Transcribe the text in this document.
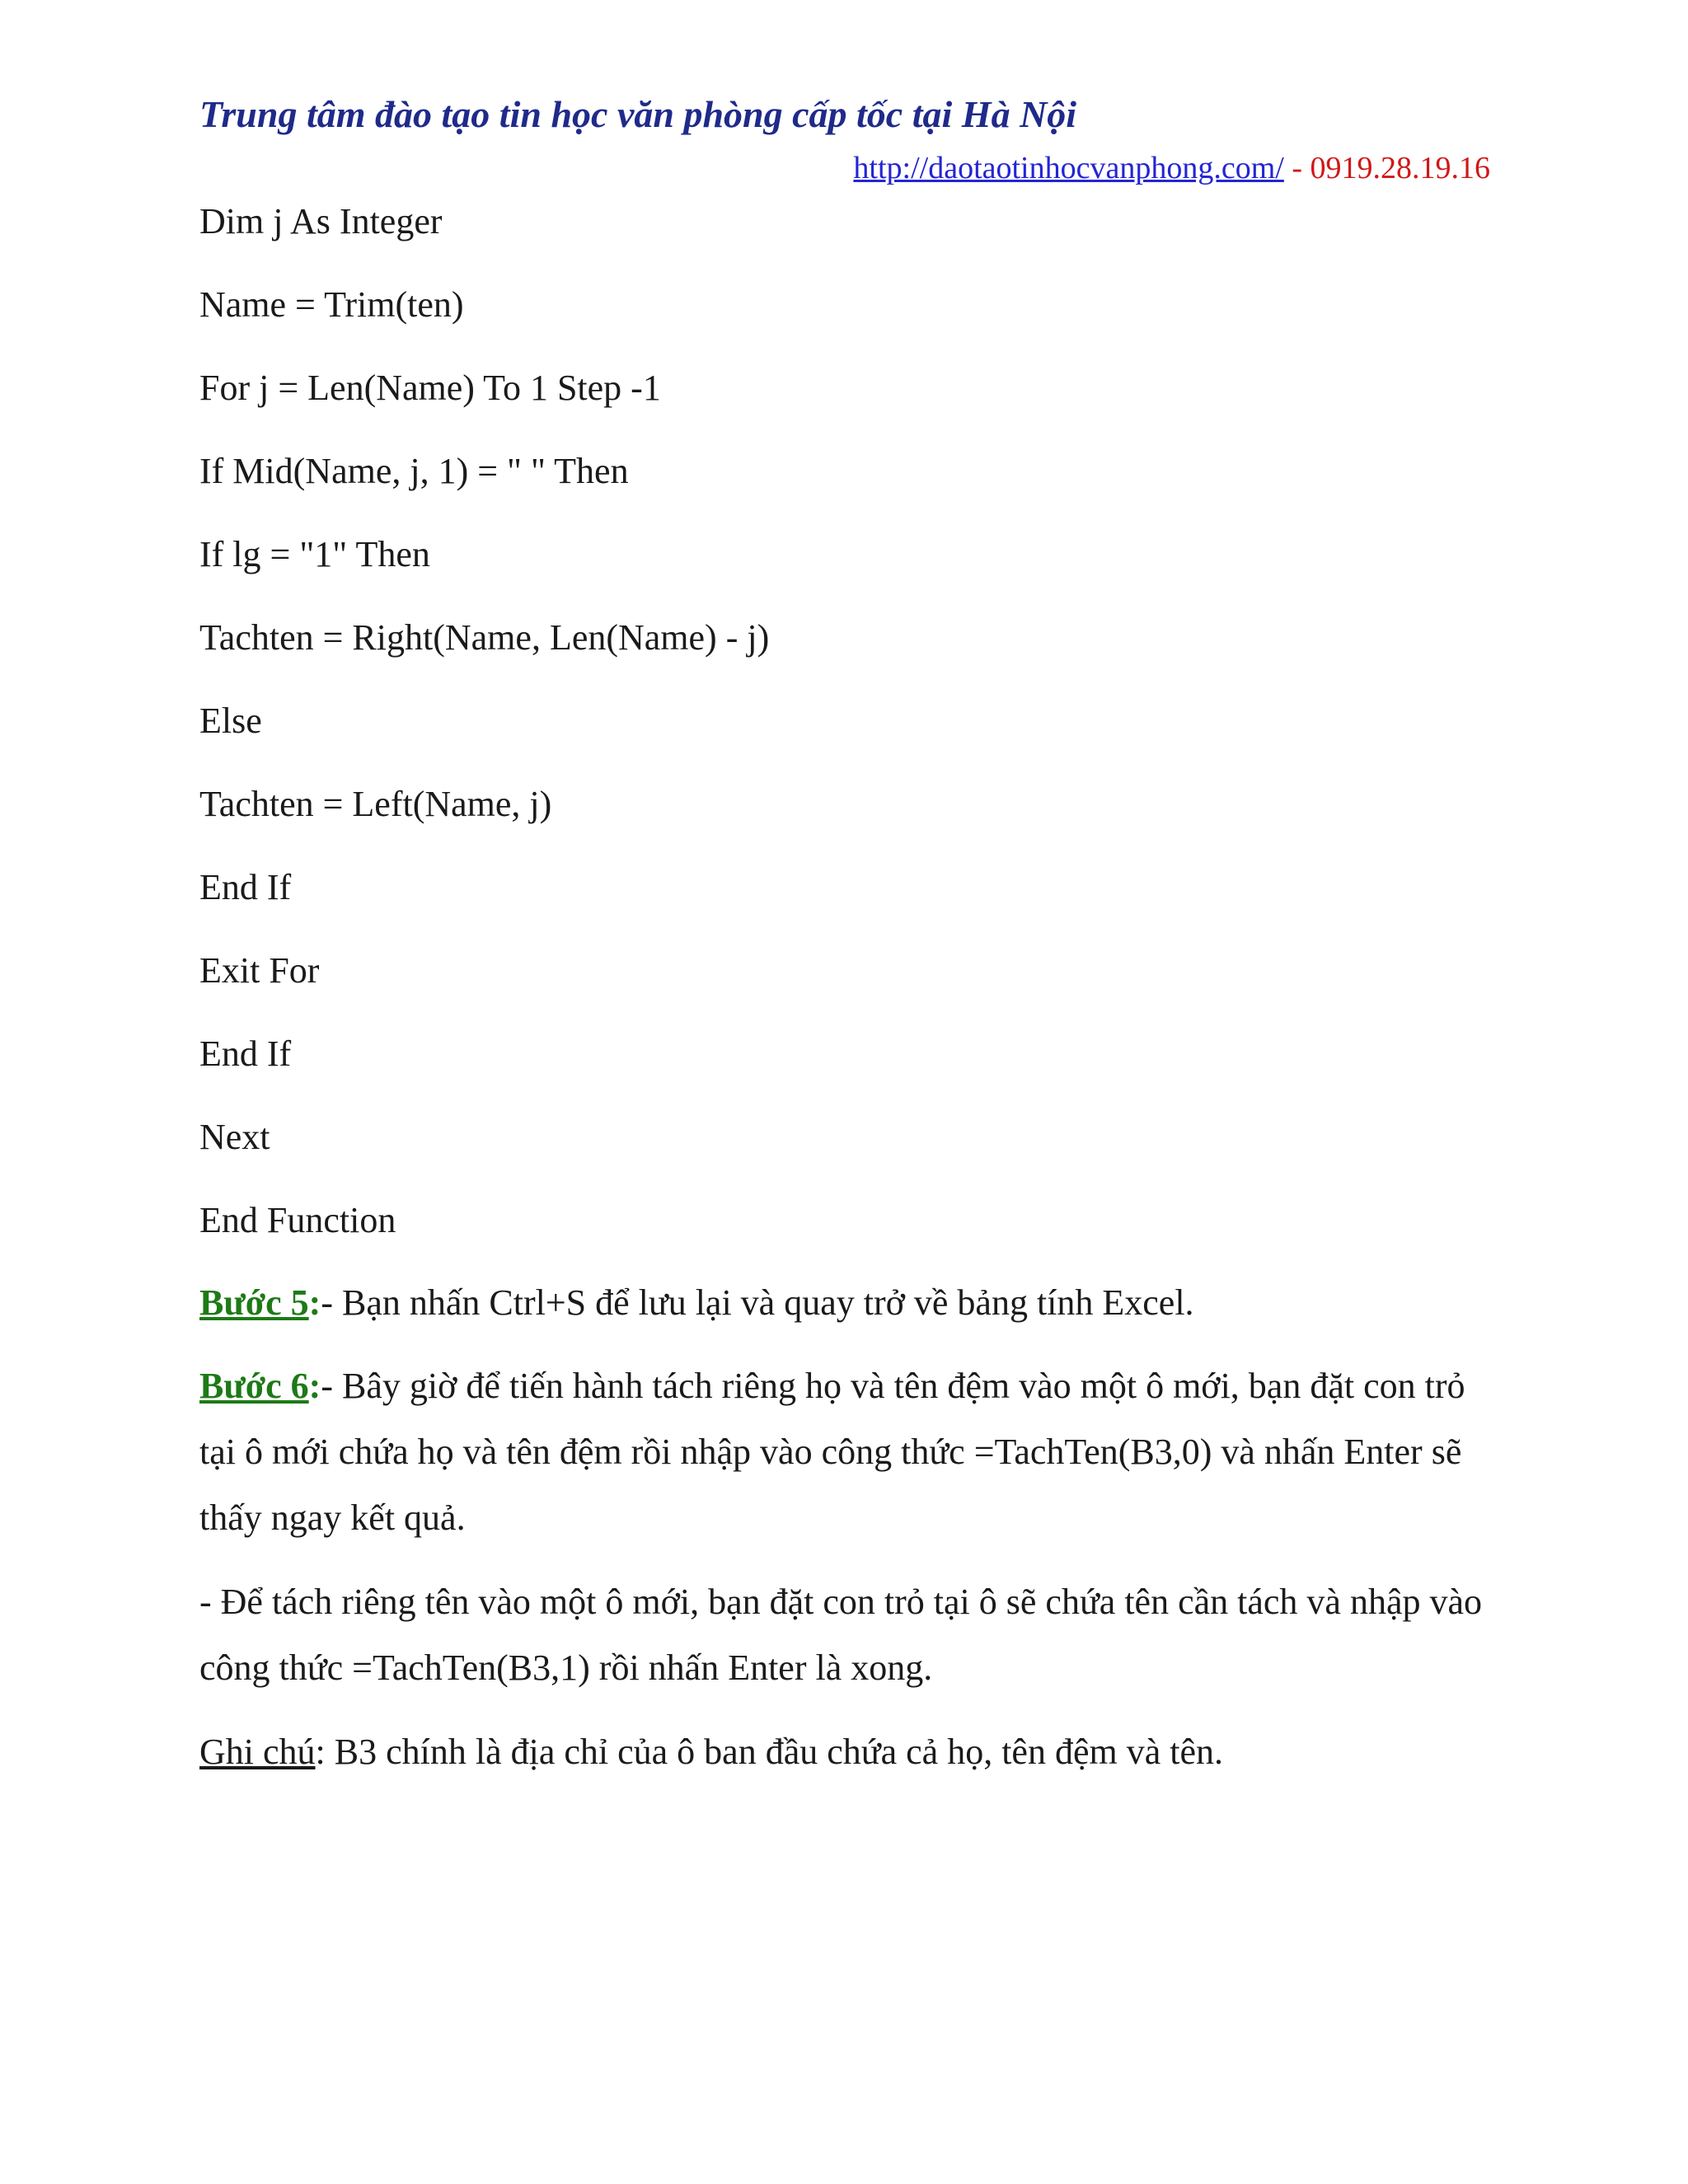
Trung tâm đào tạo tin học văn phòng cấp tốc tại Hà Nội
http://daotaotinhocvanphong.com/ - 0919.28.19.16
Dim j As Integer
Name = Trim(ten)
For j = Len(Name) To 1 Step -1
If Mid(Name, j, 1) = " " Then
If lg = "1" Then
Tachten = Right(Name, Len(Name) - j)
Else
Tachten = Left(Name, j)
End If
Exit For
End If
Next
End Function
Bước 5:- Bạn nhấn Ctrl+S để lưu lại và quay trở về bảng tính Excel.
Bước 6:- Bây giờ để tiến hành tách riêng họ và tên đệm vào một ô mới, bạn đặt con trỏ tại ô mới chứa họ và tên đệm rồi nhập vào công thức =TachTen(B3,0) và nhấn Enter sẽ thấy ngay kết quả.
- Để tách riêng tên vào một ô mới, bạn đặt con trỏ tại ô sẽ chứa tên cần tách và nhập vào công thức =TachTen(B3,1) rồi nhấn Enter là xong.
Ghi chú: B3 chính là địa chỉ của ô ban đầu chứa cả họ, tên đệm và tên.
